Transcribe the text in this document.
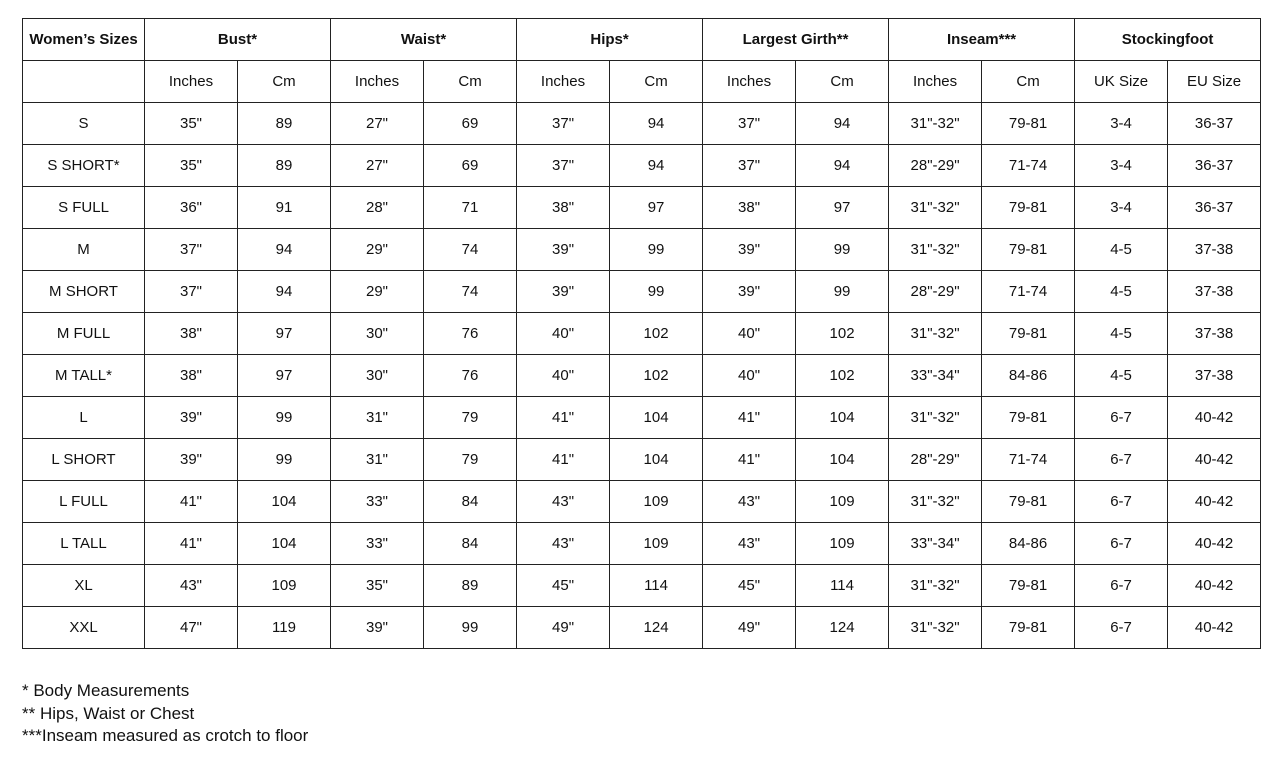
Women’s Sizes	Bust*		Waist*		Hips*		Largest Girth**		Inseam***		Stockingfoot	
	Inches	Cm	Inches	Cm	Inches	Cm	Inches	Cm	Inches	Cm	UK Size	EU Size
S	35"	89	27"	69	37"	94	37"	94	31"-32"	79-81	3-4	36-37
S SHORT*	35"	89	27"	69	37"	94	37"	94	28"-29"	71-74	3-4	36-37
S FULL	36"	91	28"	71	38"	97	38"	97	31"-32"	79-81	3-4	36-37
M	37"	94	29"	74	39"	99	39"	99	31"-32"	79-81	4-5	37-38
M SHORT	37"	94	29"	74	39"	99	39"	99	28"-29"	71-74	4-5	37-38
M FULL	38"	97	30"	76	40"	102	40"	102	31"-32"	79-81	4-5	37-38
M TALL*	38"	97	30"	76	40"	102	40"	102	33"-34"	84-86	4-5	37-38
L	39"	99	31"	79	41"	104	41"	104	31"-32"	79-81	6-7	40-42
L SHORT	39"	99	31"	79	41"	104	41"	104	28"-29"	71-74	6-7	40-42
L FULL	41"	104	33"	84	43"	109	43"	109	31"-32"	79-81	6-7	40-42
L TALL	41"	104	33"	84	43"	109	43"	109	33"-34"	84-86	6-7	40-42
XL	43"	109	35"	89	45"	114	45"	114	31"-32"	79-81	6-7	40-42
XXL	47"	119	39"	99	49"	124	49"	124	31"-32"	79-81	6-7	40-42
* Body Measurements
** Hips, Waist or Chest
***Inseam measured as crotch to floor
